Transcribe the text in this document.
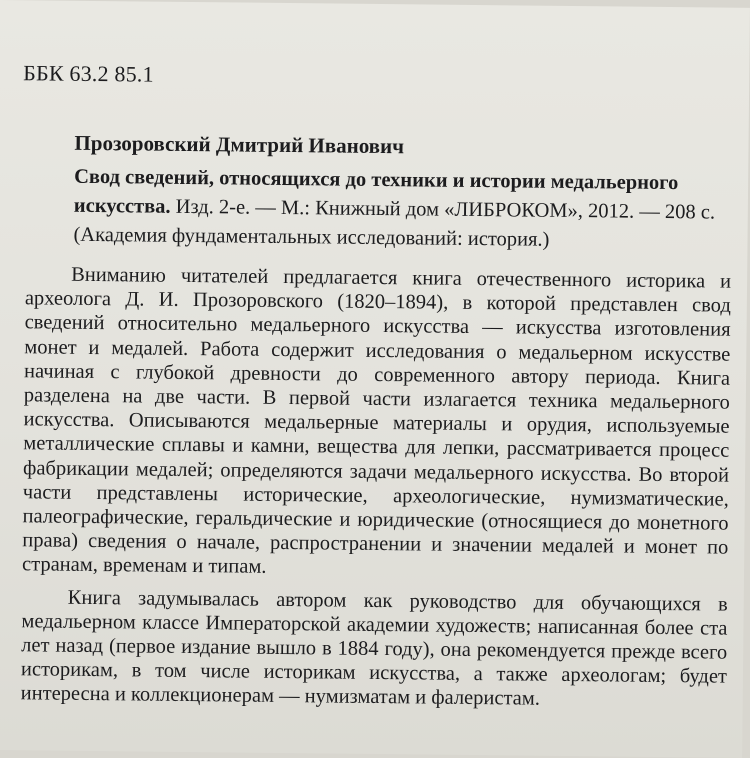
ББК 63.2 85.1
Прозоровский Дмитрий Иванович
Свод сведений, относящихся до техники и истории медальерного искусства. Изд. 2-е. — М.: Книжный дом «ЛИБРОКОМ», 2012. — 208 с.
(Академия фундаментальных исследований: история.)

Вниманию читателей предлагается книга отечественного историка и археолога Д. И. Прозоровского (1820–1894), в которой представлен свод сведений относительно медальерного искусства — искусства изготовления монет и медалей. Работа содержит исследования о медальерном искусстве начиная с глубокой древности до современного автору периода. Книга разделена на две части. В первой части излагается техника медальерного искусства. Описываются медальерные материалы и орудия, используемые металлические сплавы и камни, вещества для лепки, рассматривается процесс фабрикации медалей; определяются задачи медальерного искусства. Во второй части представлены исторические, археологические, нумизматические, палеографические, геральдические и юридические (относящиеся до монетного права) сведения о начале, распространении и значении медалей и монет по странам, временам и типам.

Книга задумывалась автором как руководство для обучающихся в медальерном классе Императорской академии художеств; написанная более ста лет назад (первое издание вышло в 1884 году), она рекомендуется прежде всего историкам, в том числе историкам искусства, а также археологам; будет интересна и коллекционерам — нумизматам и фалеристам.
